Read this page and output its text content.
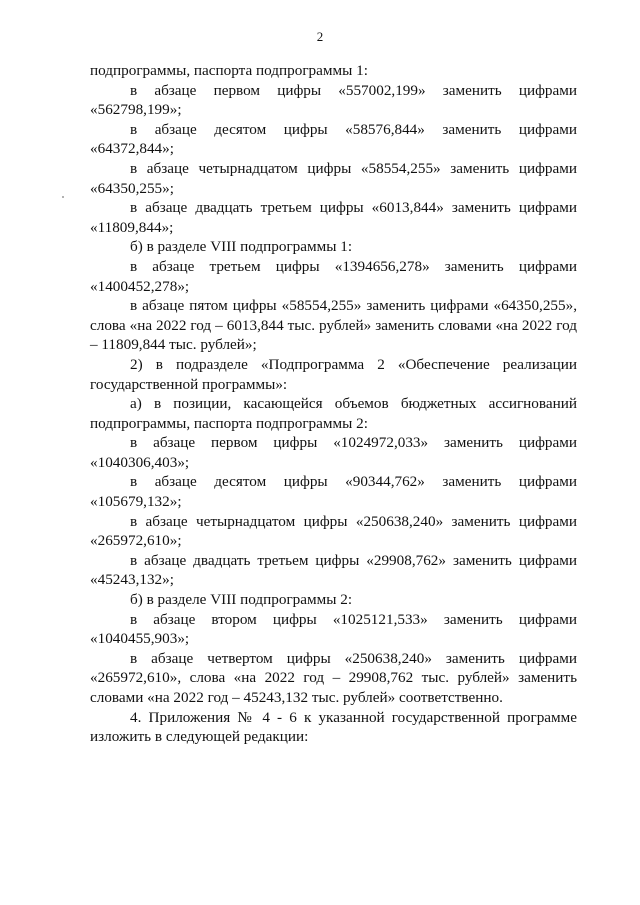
2

подпрограммы, паспорта подпрограммы 1:

в абзаце первом цифры «557002,199» заменить цифрами «562798,199»;

в абзаце десятом цифры «58576,844» заменить цифрами «64372,844»;

в абзаце четырнадцатом цифры «58554,255» заменить цифрами «64350,255»;

в абзаце двадцать третьем цифры «6013,844» заменить цифрами «11809,844»;

б) в разделе VIII подпрограммы 1:

в абзаце третьем цифры «1394656,278» заменить цифрами «1400452,278»;

в абзаце пятом цифры «58554,255» заменить цифрами «64350,255», слова «на 2022 год – 6013,844 тыс. рублей» заменить словами «на 2022 год – 11809,844 тыс. рублей»;

2) в подразделе «Подпрограмма 2 «Обеспечение реализации государственной программы»:

а) в позиции, касающейся объемов бюджетных ассигнований подпрограммы, паспорта подпрограммы 2:

в абзаце первом цифры «1024972,033» заменить цифрами «1040306,403»;

в абзаце десятом цифры «90344,762» заменить цифрами «105679,132»;

в абзаце четырнадцатом цифры «250638,240» заменить цифрами «265972,610»;

в абзаце двадцать третьем цифры «29908,762» заменить цифрами «45243,132»;

б) в разделе VIII подпрограммы 2:

в абзаце втором цифры «1025121,533» заменить цифрами «1040455,903»;

в абзаце четвертом цифры «250638,240» заменить цифрами «265972,610», слова «на 2022 год – 29908,762 тыс. рублей» заменить словами «на 2022 год – 45243,132 тыс. рублей» соответственно.

4. Приложения № 4 - 6 к указанной государственной программе изложить в следующей редакции:
